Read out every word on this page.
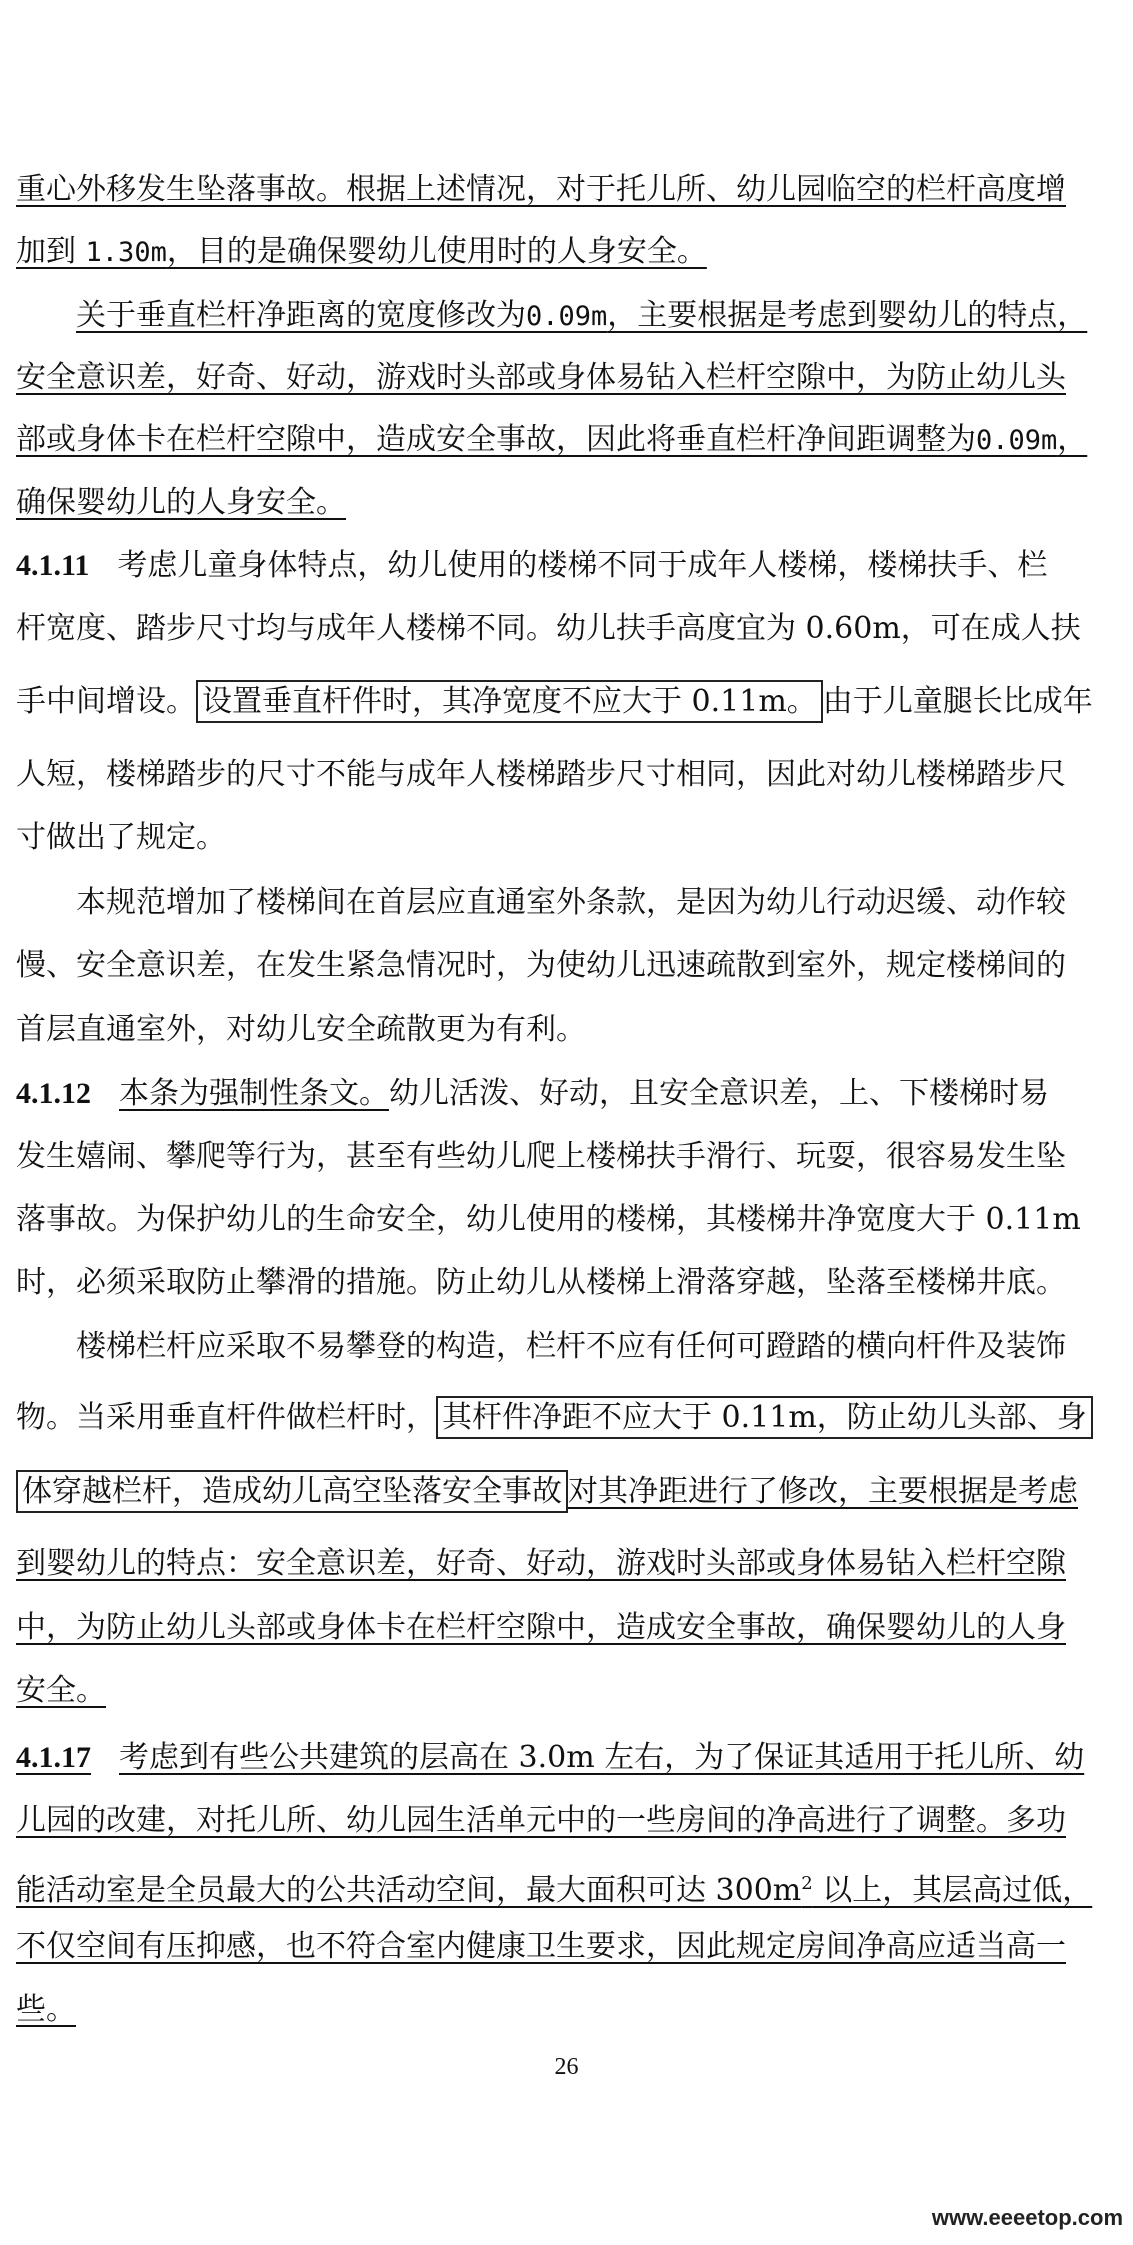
重心外移发生坠落事故。根据上述情况，对于托儿所、幼儿园临空的栏杆高度增
加到 1.30m，目的是确保婴幼儿使用时的人身安全。
关于垂直栏杆净距离的宽度修改为0.09m，主要根据是考虑到婴幼儿的特点，
安全意识差，好奇、好动，游戏时头部或身体易钻入栏杆空隙中，为防止幼儿头
部或身体卡在栏杆空隙中，造成安全事故，因此将垂直栏杆净间距调整为0.09m，
确保婴幼儿的人身安全。
4.1.11 考虑儿童身体特点，幼儿使用的楼梯不同于成年人楼梯，楼梯扶手、栏
杆宽度、踏步尺寸均与成年人楼梯不同。幼儿扶手高度宜为 0.60m，可在成人扶
手中间增设。 设置垂直杆件时，其净宽度不应大于 0.11m。 由于儿童腿长比成年
人短，楼梯踏步的尺寸不能与成年人楼梯踏步尺寸相同，因此对幼儿楼梯踏步尺
寸做出了规定。
本规范增加了楼梯间在首层应直通室外条款，是因为幼儿行动迟缓、动作较
慢、安全意识差，在发生紧急情况时，为使幼儿迅速疏散到室外，规定楼梯间的
首层直通室外，对幼儿安全疏散更为有利。
4.1.12 本条为强制性条文。幼儿活泼、好动，且安全意识差，上、下楼梯时易
发生嬉闹、攀爬等行为，甚至有些幼儿爬上楼梯扶手滑行、玩耍，很容易发生坠
落事故。为保护幼儿的生命安全，幼儿使用的楼梯，其楼梯井净宽度大于 0.11m
时，必须采取防止攀滑的措施。防止幼儿从楼梯上滑落穿越，坠落至楼梯井底。
楼梯栏杆应采取不易攀登的构造，栏杆不应有任何可蹬踏的横向杆件及装饰
物。当采用垂直杆件做栏杆时， 其杆件净距不应大于 0.11m，防止幼儿头部、身
体穿越栏杆，造成幼儿高空坠落安全事故 对其净距进行了修改，主要根据是考虑
到婴幼儿的特点：安全意识差，好奇、好动，游戏时头部或身体易钻入栏杆空隙
中，为防止幼儿头部或身体卡在栏杆空隙中，造成安全事故，确保婴幼儿的人身
安全。
4.1.17 考虑到有些公共建筑的层高在 3.0m 左右，为了保证其适用于托儿所、幼
儿园的改建，对托儿所、幼儿园生活单元中的一些房间的净高进行了调整。多功
能活动室是全员最大的公共活动空间，最大面积可达 $300m^2$ 以上，其层高过低，
不仅空间有压抑感，也不符合室内健康卫生要求，因此规定房间净高应适当高一
些。
26
www.eeeetop.com
